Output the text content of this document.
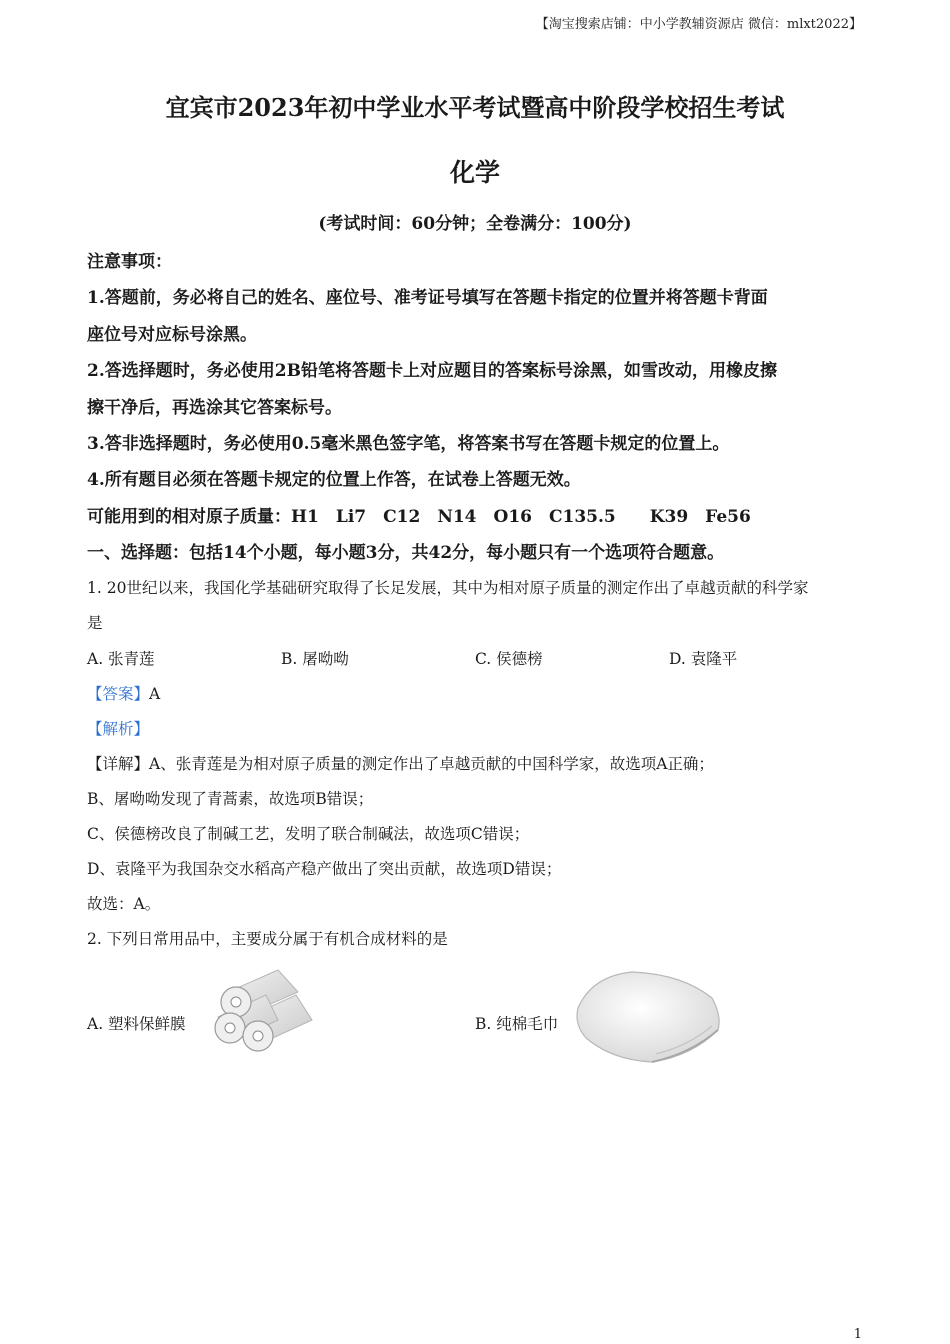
【淘宝搜索店铺：中小学教辅资源店 微信：mlxt2022】
宜宾市2023年初中学业水平考试暨高中阶段学校招生考试
化学
(考试时间：60分钟；全卷满分：100分)
注意事项：
1.答题前，务必将自己的姓名、座位号、准考证号填写在答题卡指定的位置并将答题卡背面
座位号对应标号涂黑。
2.答选择题时，务必使用2B铅笔将答题卡上对应题目的答案标号涂黑，如雪改动，用橡皮擦
擦干净后，再选涂其它答案标号。
3.答非选择题时，务必使用0.5毫米黑色签字笔，将答案书写在答题卡规定的位置上。
4.所有题目必须在答题卡规定的位置上作答，在试卷上答题无效。
可能用到的相对原子质量：H1　Li7　C12　N14　O16　C135.5　　K39　Fe56
一、选择题：包括14个小题，每小题3分，共42分，每小题只有一个选项符合题意。
1. 20世纪以来，我国化学基础研究取得了长足发展，其中为相对原子质量的测定作出了卓越贡献的科学家
是
A. 张青莲	B. 屠呦呦	C. 侯德榜	D. 袁隆平
【答案】A
【解析】
【详解】A、张青莲是为相对原子质量的测定作出了卓越贡献的中国科学家，故选项A正确；
B、屠呦呦发现了青蒿素，故选项B错误；
C、侯德榜改良了制碱工艺，发明了联合制碱法，故选项C错误；
D、袁隆平为我国杂交水稻高产稳产做出了突出贡献，故选项D错误；
故选：A。
2. 下列日常用品中，主要成分属于有机合成材料的是
A. 塑料保鲜膜	B. 纯棉毛巾
1
